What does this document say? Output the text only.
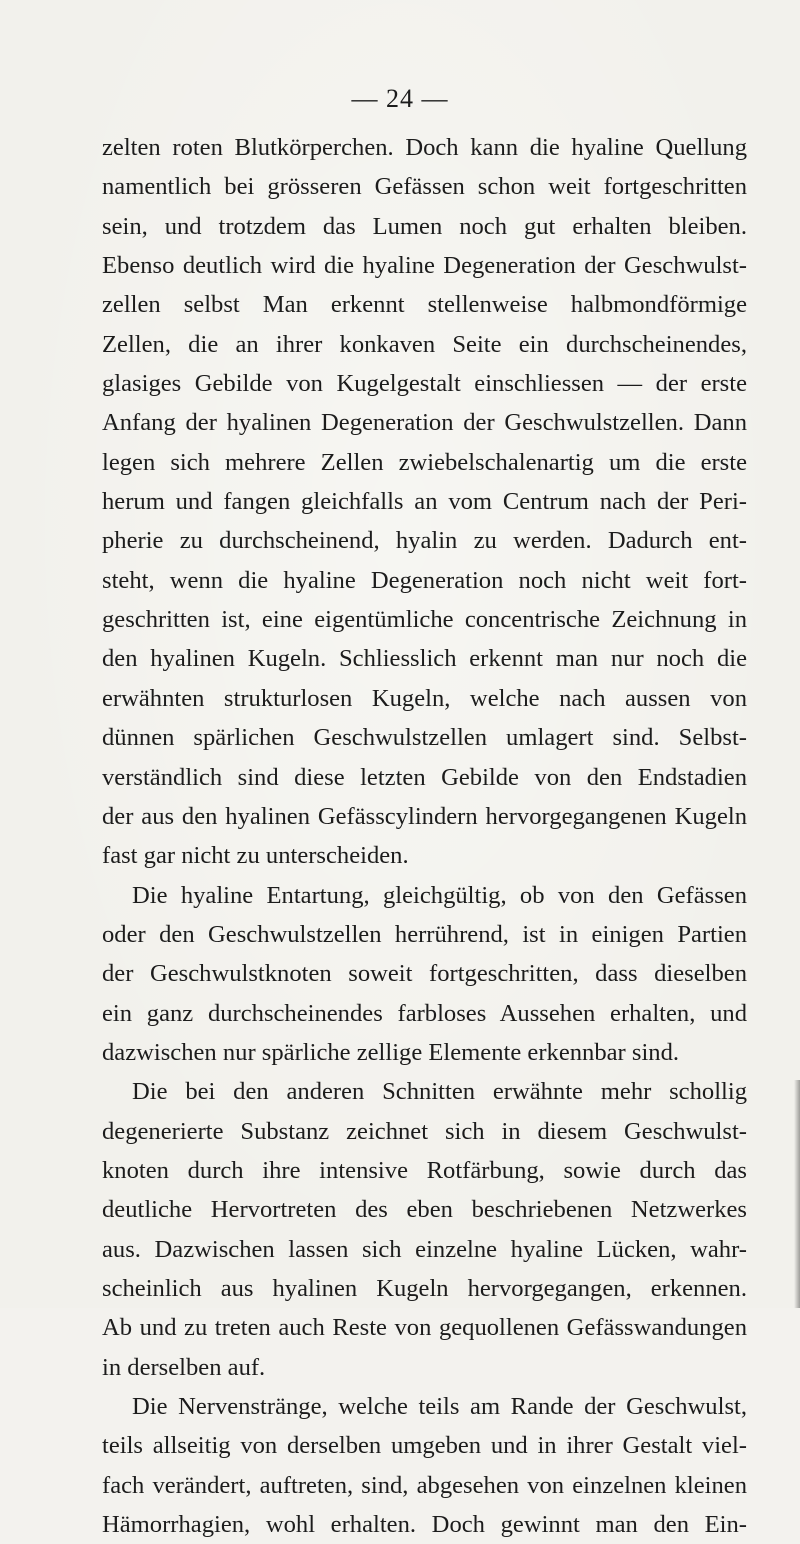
— 24 —
zelten roten Blutkörperchen. Doch kann die hyaline Quellung
namentlich bei grösseren Gefässen schon weit fortgeschritten
sein, und trotzdem das Lumen noch gut erhalten bleiben.
Ebenso deutlich wird die hyaline Degeneration der Geschwulst-
zellen selbst Man erkennt stellenweise halbmondförmige
Zellen, die an ihrer konkaven Seite ein durchscheinendes,
glasiges Gebilde von Kugelgestalt einschliessen — der erste
Anfang der hyalinen Degeneration der Geschwulstzellen. Dann
legen sich mehrere Zellen zwiebelschalenartig um die erste
herum und fangen gleichfalls an vom Centrum nach der Peri-
pherie zu durchscheinend, hyalin zu werden. Dadurch ent-
steht, wenn die hyaline Degeneration noch nicht weit fort-
geschritten ist, eine eigentümliche concentrische Zeichnung in
den hyalinen Kugeln. Schliesslich erkennt man nur noch die
erwähnten strukturlosen Kugeln, welche nach aussen von
dünnen spärlichen Geschwulstzellen umlagert sind. Selbst-
verständlich sind diese letzten Gebilde von den Endstadien
der aus den hyalinen Gefässcylindern hervorgegangenen Kugeln
fast gar nicht zu unterscheiden.
Die hyaline Entartung, gleichgültig, ob von den Gefässen
oder den Geschwulstzellen herrührend, ist in einigen Partien
der Geschwulstknoten soweit fortgeschritten, dass dieselben
ein ganz durchscheinendes farbloses Aussehen erhalten, und
dazwischen nur spärliche zellige Elemente erkennbar sind.
Die bei den anderen Schnitten erwähnte mehr schollig
degenerierte Substanz zeichnet sich in diesem Geschwulst-
knoten durch ihre intensive Rotfärbung, sowie durch das
deutliche Hervortreten des eben beschriebenen Netzwerkes
aus. Dazwischen lassen sich einzelne hyaline Lücken, wahr-
scheinlich aus hyalinen Kugeln hervorgegangen, erkennen.
Ab und zu treten auch Reste von gequollenen Gefässwandungen
in derselben auf.
Die Nervenstränge, welche teils am Rande der Geschwulst,
teils allseitig von derselben umgeben und in ihrer Gestalt viel-
fach verändert, auftreten, sind, abgesehen von einzelnen kleinen
Hämorrhagien, wohl erhalten. Doch gewinnt man den Ein-
